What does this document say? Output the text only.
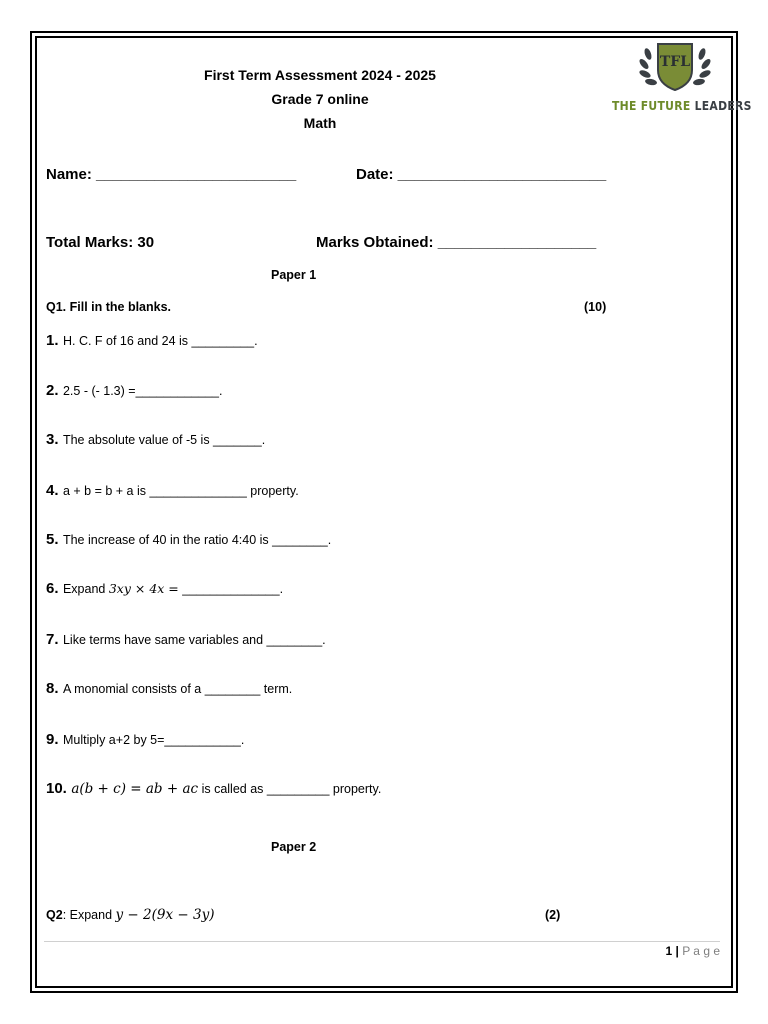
First Term Assessment 2024 - 2025
Grade 7 online
Math
TFL
THE FUTURE LEADERS
Name: ________________________	Date: _________________________
Total Marks: 30	Marks Obtained: ___________________
Paper 1
Q1. Fill in the blanks.	(10)
1. H. C. F of 16 and 24 is _________.
2. 2.5 - (- 1.3) =____________.
3. The absolute value of -5 is _______.
4. a + b = b + a is ______________ property.
5. The increase of 40 in the ratio 4:40 is ________.
6. Expand 3xy × 4x = ______________.
7. Like terms have same variables and ________.
8. A monomial consists of a ________ term.
9. Multiply a+2 by 5=___________.
10. a(b + c) = ab + ac is called as _________ property.
Paper 2
Q2: Expand y − 2(9x − 3y)	(2)
1 | P a g e
